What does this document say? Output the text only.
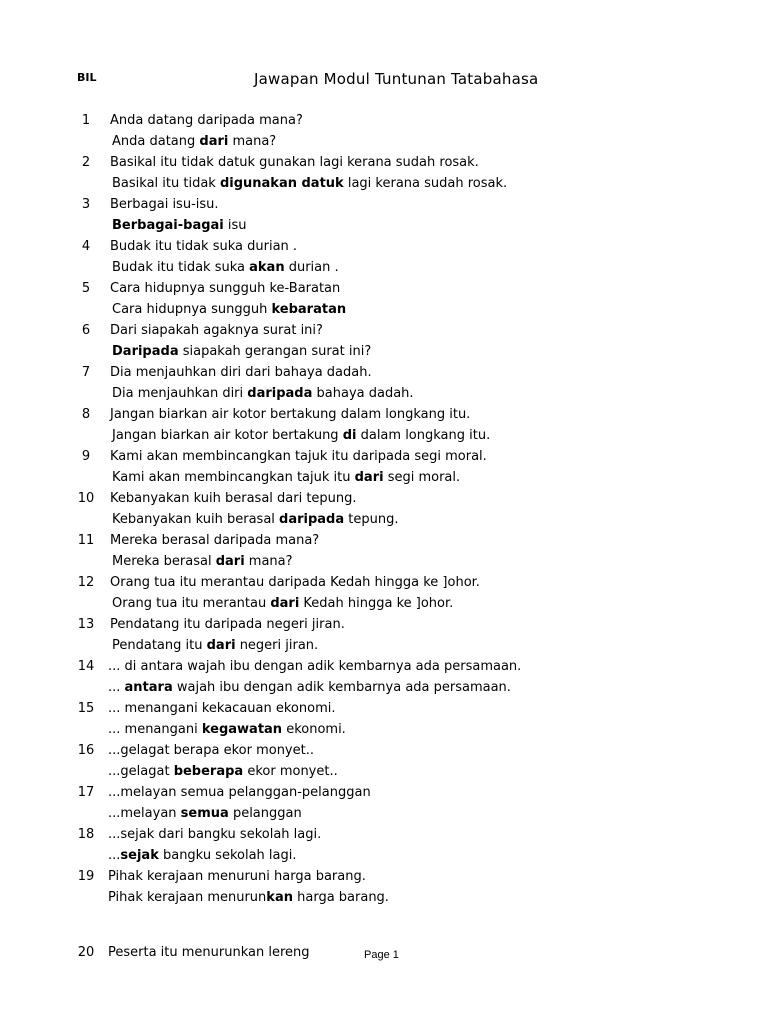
BIL	Jawapan Modul Tuntunan Tatabahasa
1	Anda datang daripada mana?
Anda datang dari mana?
2	Basikal itu tidak datuk gunakan lagi kerana sudah rosak.
Basikal itu tidak digunakan datuk lagi kerana sudah rosak.
3	Berbagai isu-isu.
Berbagai-bagai isu
4	Budak itu tidak suka durian .
Budak itu tidak suka akan durian .
5	Cara hidupnya sungguh ke-Baratan
Cara hidupnya sungguh kebaratan
6	Dari siapakah agaknya surat ini?
Daripada siapakah gerangan surat ini?
7	Dia menjauhkan diri dari bahaya dadah.
Dia menjauhkan diri daripada bahaya dadah.
8	Jangan biarkan air kotor bertakung dalam longkang itu.
Jangan biarkan air kotor bertakung di dalam longkang itu.
9	Kami akan membincangkan tajuk itu daripada segi moral.
Kami akan membincangkan tajuk itu dari segi moral.
10 Kebanyakan kuih berasal dari tepung.
Kebanyakan kuih berasal daripada tepung.
11 Mereka berasal daripada mana?
Mereka berasal dari mana?
12 Orang tua itu merantau daripada Kedah hingga ke ]ohor.
Orang tua itu merantau dari Kedah hingga ke ]ohor.
13 Pendatang itu daripada negeri jiran.
Pendatang itu dari negeri jiran.
14 ... di antara wajah ibu dengan adik kembarnya ada persamaan.
... antara wajah ibu dengan adik kembarnya ada persamaan.
15 ... menangani kekacauan ekonomi.
... menangani kegawatan ekonomi.
16 ...gelagat berapa ekor monyet..
...gelagat beberapa ekor monyet..
17 ...melayan semua pelanggan-pelanggan
...melayan semua pelanggan
18 ...sejak dari bangku sekolah lagi.
...sejak bangku sekolah lagi.
19 Pihak kerajaan menuruni harga barang.
Pihak kerajaan menurunkan harga barang.
20 Peserta itu menurunkan lereng	Page 1
